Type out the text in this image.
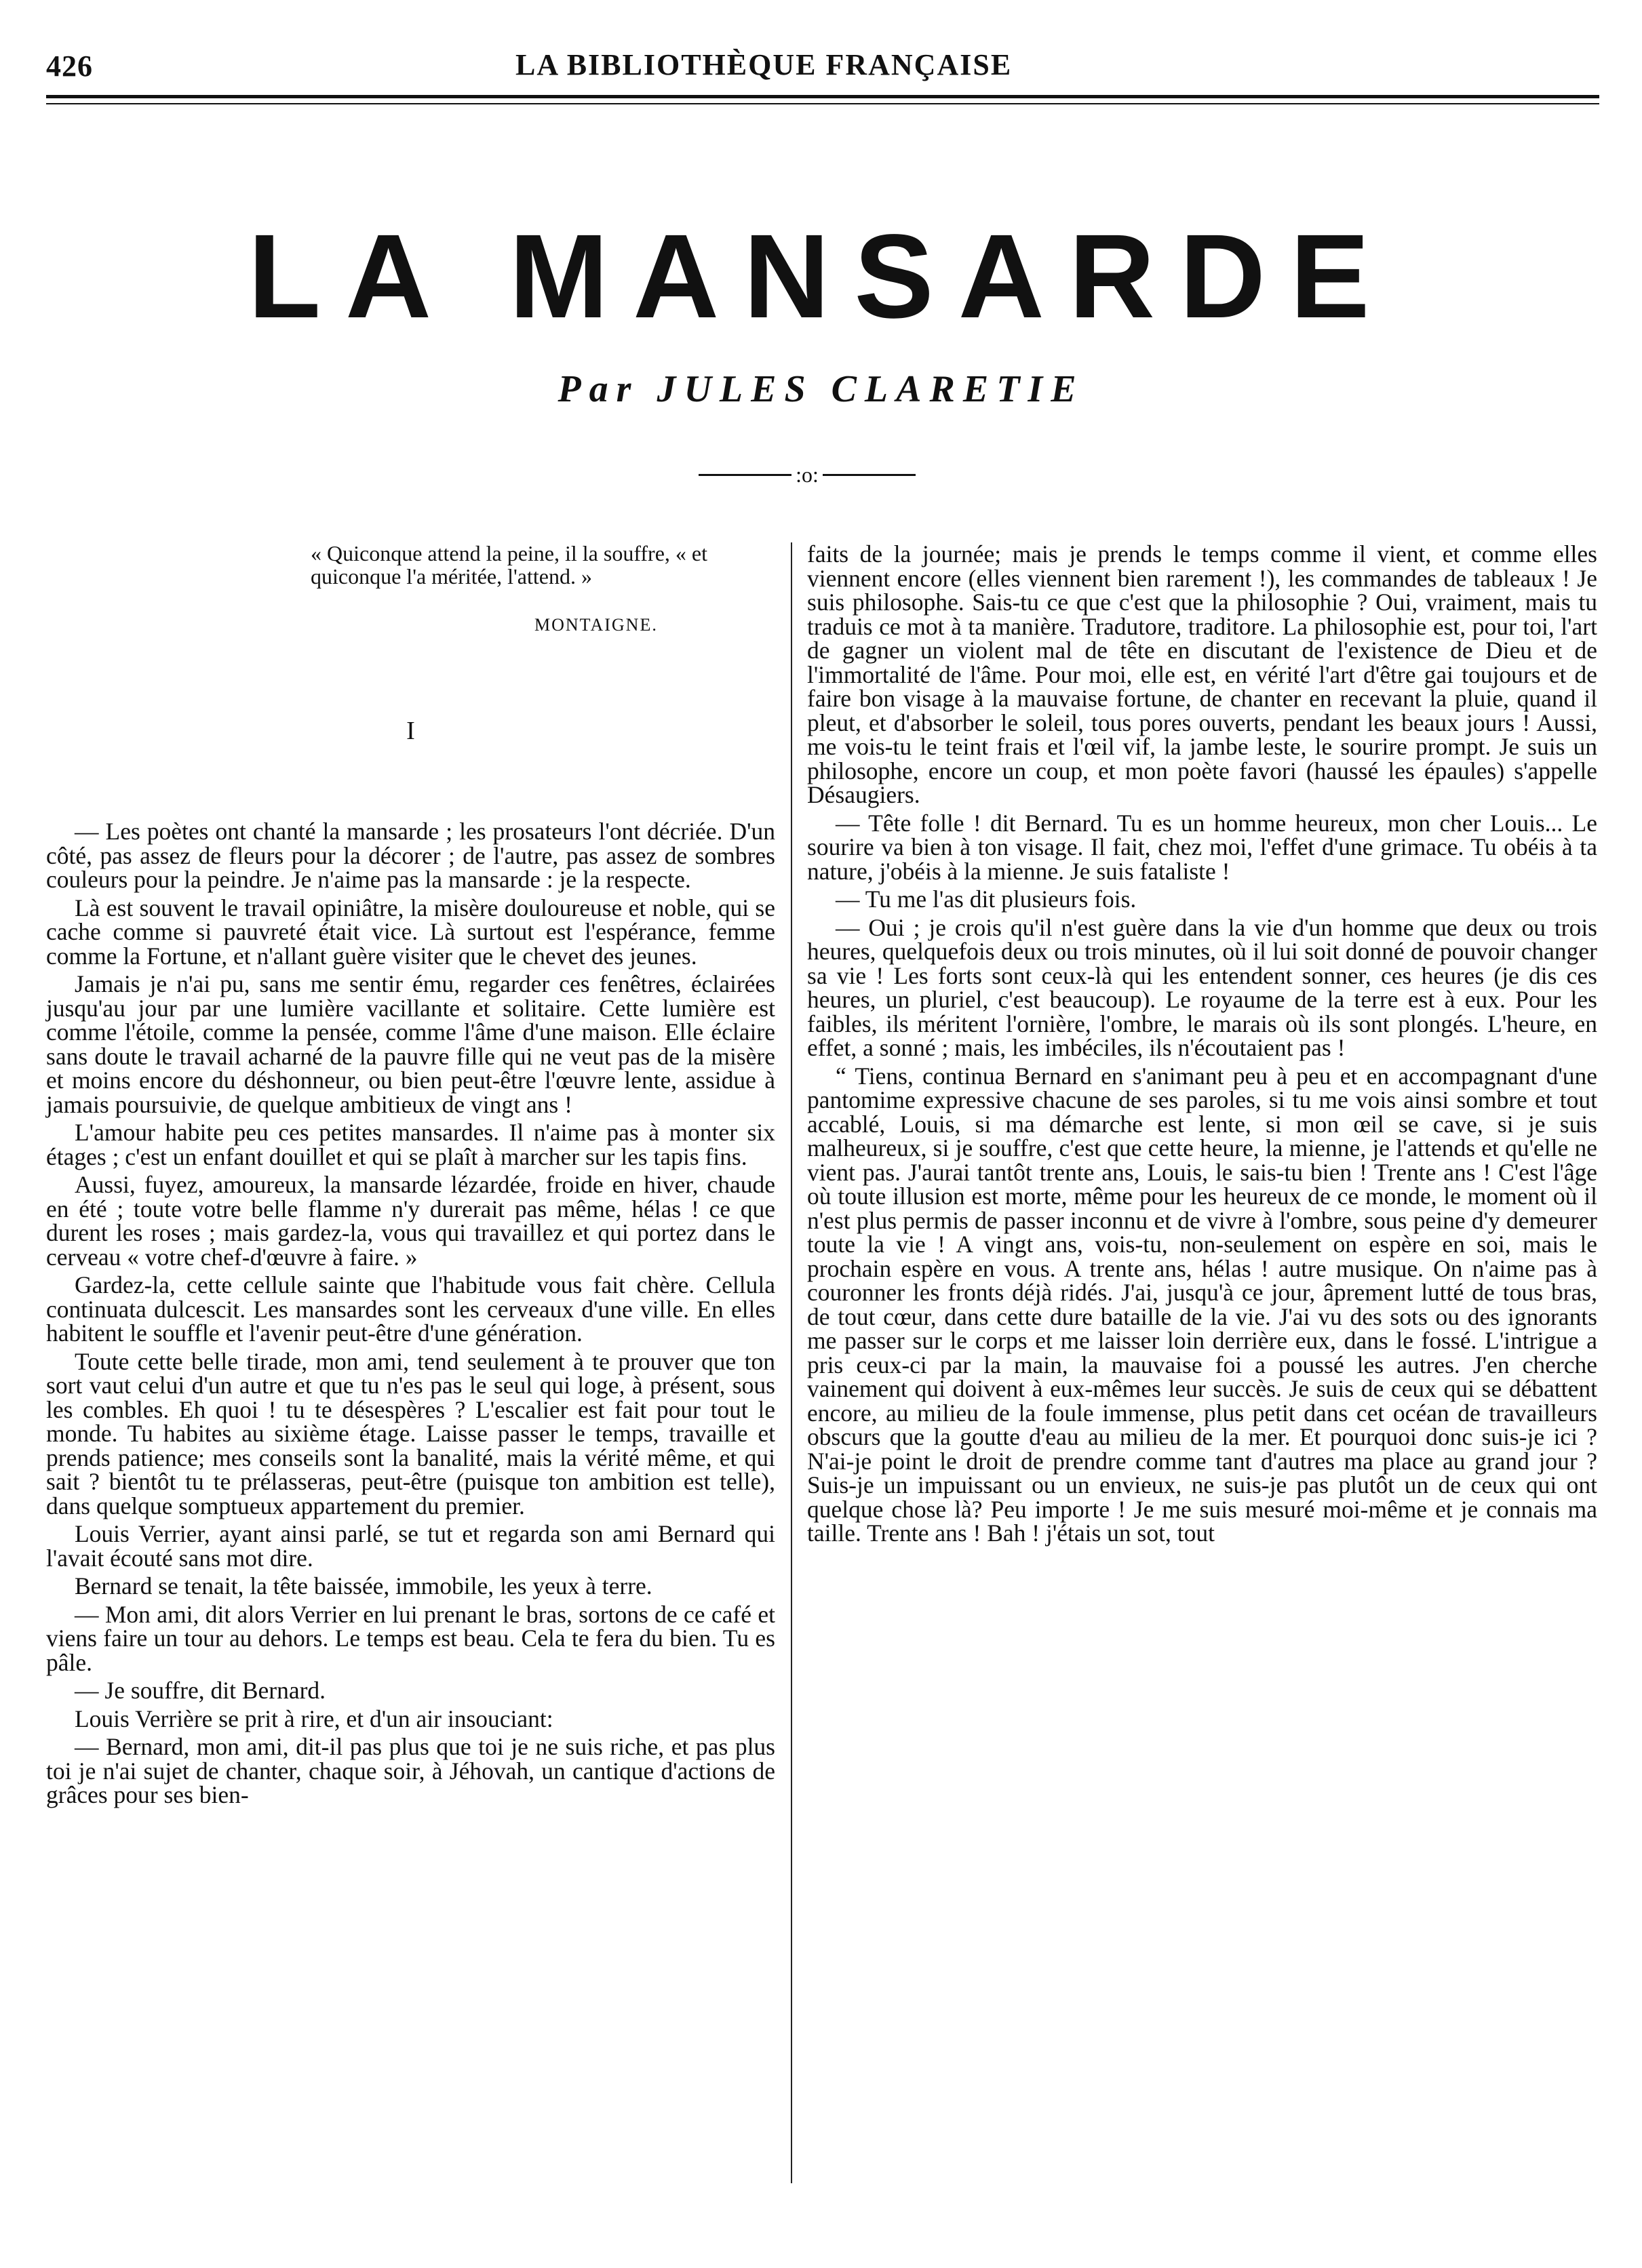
426	LA BIBLIOTHÈQUE FRANÇAISE
LA MANSARDE
Par JULES CLARETIE
:o:
« Quiconque attend la peine, il la souffre, « et quiconque l'a méritée, l'attend. »
MONTAIGNE.
I

— Les poètes ont chanté la mansarde ; les prosateurs l'ont décriée. D'un côté, pas assez de fleurs pour la décorer ; de l'autre, pas assez de sombres couleurs pour la peindre. Je n'aime pas la mansarde : je la respecte.

Là est souvent le travail opiniâtre, la misère douloureuse et noble, qui se cache comme si pauvreté était vice. Là surtout est l'espérance, femme comme la Fortune, et n'allant guère visiter que le chevet des jeunes.

Jamais je n'ai pu, sans me sentir ému, regarder ces fenêtres, éclairées jusqu'au jour par une lumière vacillante et solitaire. Cette lumière est comme l'étoile, comme la pensée, comme l'âme d'une maison. Elle éclaire sans doute le travail acharné de la pauvre fille qui ne veut pas de la misère et moins encore du déshonneur, ou bien peut-être l'œuvre lente, assidue à jamais poursuivie, de quelque ambitieux de vingt ans !

L'amour habite peu ces petites mansardes. Il n'aime pas à monter six étages ; c'est un enfant douillet et qui se plaît à marcher sur les tapis fins.

Aussi, fuyez, amoureux, la mansarde lézardée, froide en hiver, chaude en été ; toute votre belle flamme n'y durerait pas même, hélas ! ce que durent les roses ; mais gardez-la, vous qui travaillez et qui portez dans le cerveau « votre chef-d'œuvre à faire. »

Gardez-la, cette cellule sainte que l'habitude vous fait chère. Cellula continuata dulcescit. Les mansardes sont les cerveaux d'une ville. En elles habitent le souffle et l'avenir peut-être d'une génération.

Toute cette belle tirade, mon ami, tend seulement à te prouver que ton sort vaut celui d'un autre et que tu n'es pas le seul qui loge, à présent, sous les combles. Eh quoi ! tu te désespères ? L'escalier est fait pour tout le monde. Tu habites au sixième étage. Laisse passer le temps, travaille et prends patience; mes conseils sont la banalité, mais la vérité même, et qui sait ? bientôt tu te prélasseras, peut-être (puisque ton ambition est telle), dans quelque somptueux appartement du premier.

Louis Verrier, ayant ainsi parlé, se tut et regarda son ami Bernard qui l'avait écouté sans mot dire.

Bernard se tenait, la tête baissée, immobile, les yeux à terre.

— Mon ami, dit alors Verrier en lui prenant le bras, sortons de ce café et viens faire un tour au dehors. Le temps est beau. Cela te fera du bien. Tu es pâle.

— Je souffre, dit Bernard.

Louis Verrière se prit à rire, et d'un air insouciant:

— Bernard, mon ami, dit-il pas plus que toi je ne suis riche, et pas plus toi je n'ai sujet de chanter, chaque soir, à Jéhovah, un cantique d'actions de grâces pour ses bien-

faits de la journée; mais je prends le temps comme il vient, et comme elles viennent encore (elles viennent bien rarement !), les commandes de tableaux ! Je suis philosophe. Sais-tu ce que c'est que la philosophie ? Oui, vraiment, mais tu traduis ce mot à ta manière. Tradutore, traditore. La philosophie est, pour toi, l'art de gagner un violent mal de tête en discutant de l'existence de Dieu et de l'immortalité de l'âme. Pour moi, elle est, en vérité l'art d'être gai toujours et de faire bon visage à la mauvaise fortune, de chanter en recevant la pluie, quand il pleut, et d'absorber le soleil, tous pores ouverts, pendant les beaux jours ! Aussi, me vois-tu le teint frais et l'œil vif, la jambe leste, le sourire prompt. Je suis un philosophe, encore un coup, et mon poète favori (haussé les épaules) s'appelle Désaugiers.

— Tête folle ! dit Bernard. Tu es un homme heureux, mon cher Louis... Le sourire va bien à ton visage. Il fait, chez moi, l'effet d'une grimace. Tu obéis à ta nature, j'obéis à la mienne. Je suis fataliste !

— Tu me l'as dit plusieurs fois.

— Oui ; je crois qu'il n'est guère dans la vie d'un homme que deux ou trois heures, quelquefois deux ou trois minutes, où il lui soit donné de pouvoir changer sa vie ! Les forts sont ceux-là qui les entendent sonner, ces heures (je dis ces heures, un pluriel, c'est beaucoup). Le royaume de la terre est à eux. Pour les faibles, ils méritent l'ornière, l'ombre, le marais où ils sont plongés. L'heure, en effet, a sonné ; mais, les imbéciles, ils n'écoutaient pas !

“ Tiens, continua Bernard en s'animant peu à peu et en accompagnant d'une pantomime expressive chacune de ses paroles, si tu me vois ainsi sombre et tout accablé, Louis, si ma démarche est lente, si mon œil se cave, si je suis malheureux, si je souffre, c'est que cette heure, la mienne, je l'attends et qu'elle ne vient pas. J'aurai tantôt trente ans, Louis, le sais-tu bien ! Trente ans ! C'est l'âge où toute illusion est morte, même pour les heureux de ce monde, le moment où il n'est plus permis de passer inconnu et de vivre à l'ombre, sous peine d'y demeurer toute la vie ! A vingt ans, vois-tu, non-seulement on espère en soi, mais le prochain espère en vous. A trente ans, hélas ! autre musique. On n'aime pas à couronner les fronts déjà ridés. J'ai, jusqu'à ce jour, âprement lutté de tous bras, de tout cœur, dans cette dure bataille de la vie. J'ai vu des sots ou des ignorants me passer sur le corps et me laisser loin derrière eux, dans le fossé. L'intrigue a pris ceux-ci par la main, la mauvaise foi a poussé les autres. J'en cherche vainement qui doivent à eux-mêmes leur succès. Je suis de ceux qui se débattent encore, au milieu de la foule immense, plus petit dans cet océan de travailleurs obscurs que la goutte d'eau au milieu de la mer. Et pourquoi donc suis-je ici ? N'ai-je point le droit de prendre comme tant d'autres ma place au grand jour ? Suis-je un impuissant ou un envieux, ne suis-je pas plutôt un de ceux qui ont quelque chose là? Peu importe ! Je me suis mesuré moi-même et je connais ma taille. Trente ans ! Bah ! j'étais un sot, tout
